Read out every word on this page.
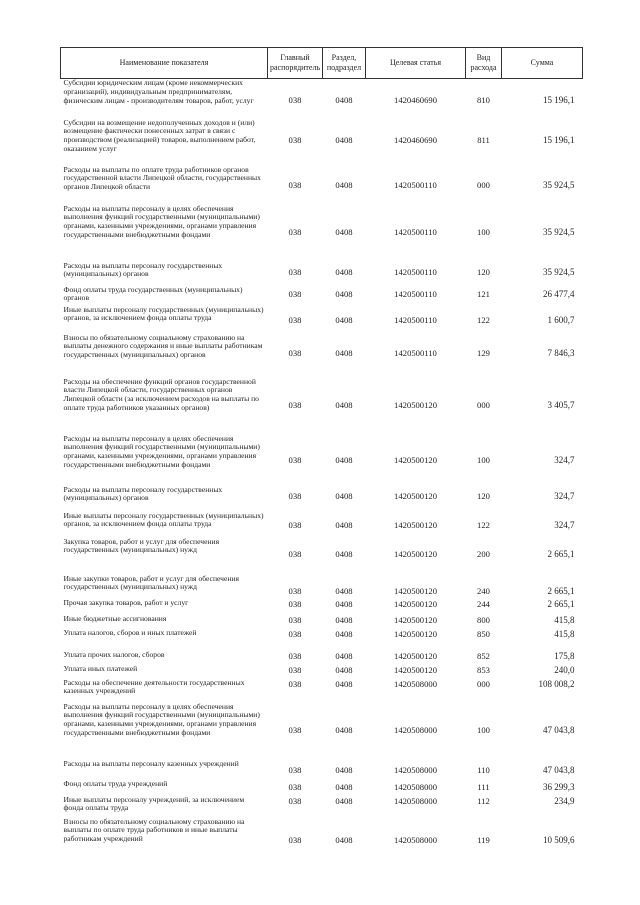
Наименование показателя	Главный распорядитель	Раздел, подраздел	Целевая статья	Вид расхода	Сумма
Субсидии юридическим лицам (кроме некоммерческих организаций), индивидуальным предпринимателям, физическим лицам - производителям товаров, работ, услуг	038	0408	1420460690	810	15 196,1
Субсидии на возмещение недополученных доходов и (или) возмещение фактически понесенных затрат в связи с производством (реализацией) товаров, выполнением работ, оказанием услуг	038	0408	1420460690	811	15 196,1
Расходы на выплаты по оплате труда работников органов государственной власти Липецкой области, государственных органов Липецкой области	038	0408	1420500110	000	35 924,5
Расходы на выплаты персоналу в целях обеспечения выполнения функций государственными (муниципальными) органами, казенными учреждениями, органами управления государственными внебюджетными фондами	038	0408	1420500110	100	35 924,5
Расходы на выплаты персоналу государственных (муниципальных) органов	038	0408	1420500110	120	35 924,5
Фонд оплаты труда государственных (муниципальных) органов	038	0408	1420500110	121	26 477,4
Иные выплаты персоналу государственных (муниципальных) органов, за исключением фонда оплаты труда	038	0408	1420500110	122	1 600,7
Взносы по обязательному социальному страхованию на выплаты денежного содержания и иные выплаты работникам государственных (муниципальных) органов	038	0408	1420500110	129	7 846,3
Расходы на обеспечение функций органов государственной власти Липецкой области, государственных органов Липецкой области (за исключением расходов на выплаты по оплате труда работников указанных органов)	038	0408	1420500120	000	3 405,7
Расходы на выплаты персоналу в целях обеспечения выполнения функций государственными (муниципальными) органами, казенными учреждениями, органами управления государственными внебюджетными фондами	038	0408	1420500120	100	324,7
Расходы на выплаты персоналу государственных (муниципальных) органов	038	0408	1420500120	120	324,7
Иные выплаты персоналу государственных (муниципальных) органов, за исключением фонда оплаты труда	038	0408	1420500120	122	324,7
Закупка товаров, работ и услуг для обеспечения государственных (муниципальных) нужд	038	0408	1420500120	200	2 665,1
Иные закупки товаров, работ и услуг для обеспечения государственных (муниципальных) нужд	038	0408	1420500120	240	2 665,1
Прочая закупка товаров, работ и услуг	038	0408	1420500120	244	2 665,1
Иные бюджетные ассигнования	038	0408	1420500120	800	415,8
Уплата налогов, сборов и иных платежей	038	0408	1420500120	850	415,8
Уплата прочих налогов, сборов	038	0408	1420500120	852	175,8
Уплата иных платежей	038	0408	1420500120	853	240,0
Расходы на обеспечение деятельности государственных казенных учреждений	038	0408	1420508000	000	108 008,2
Расходы на выплаты персоналу в целях обеспечения выполнения функций государственными (муниципальными) органами, казенными учреждениями, органами управления государственными внебюджетными фондами	038	0408	1420508000	100	47 043,8
Расходы на выплаты персоналу казенных учреждений	038	0408	1420508000	110	47 043,8
Фонд оплаты труда учреждений	038	0408	1420508000	111	36 299,3
Иные выплаты персоналу учреждений, за исключением фонда оплаты труда	038	0408	1420508000	112	234,9
Взносы по обязательному социальному страхованию на выплаты по оплате труда работников и иные выплаты работникам учреждений	038	0408	1420508000	119	10 509,6
